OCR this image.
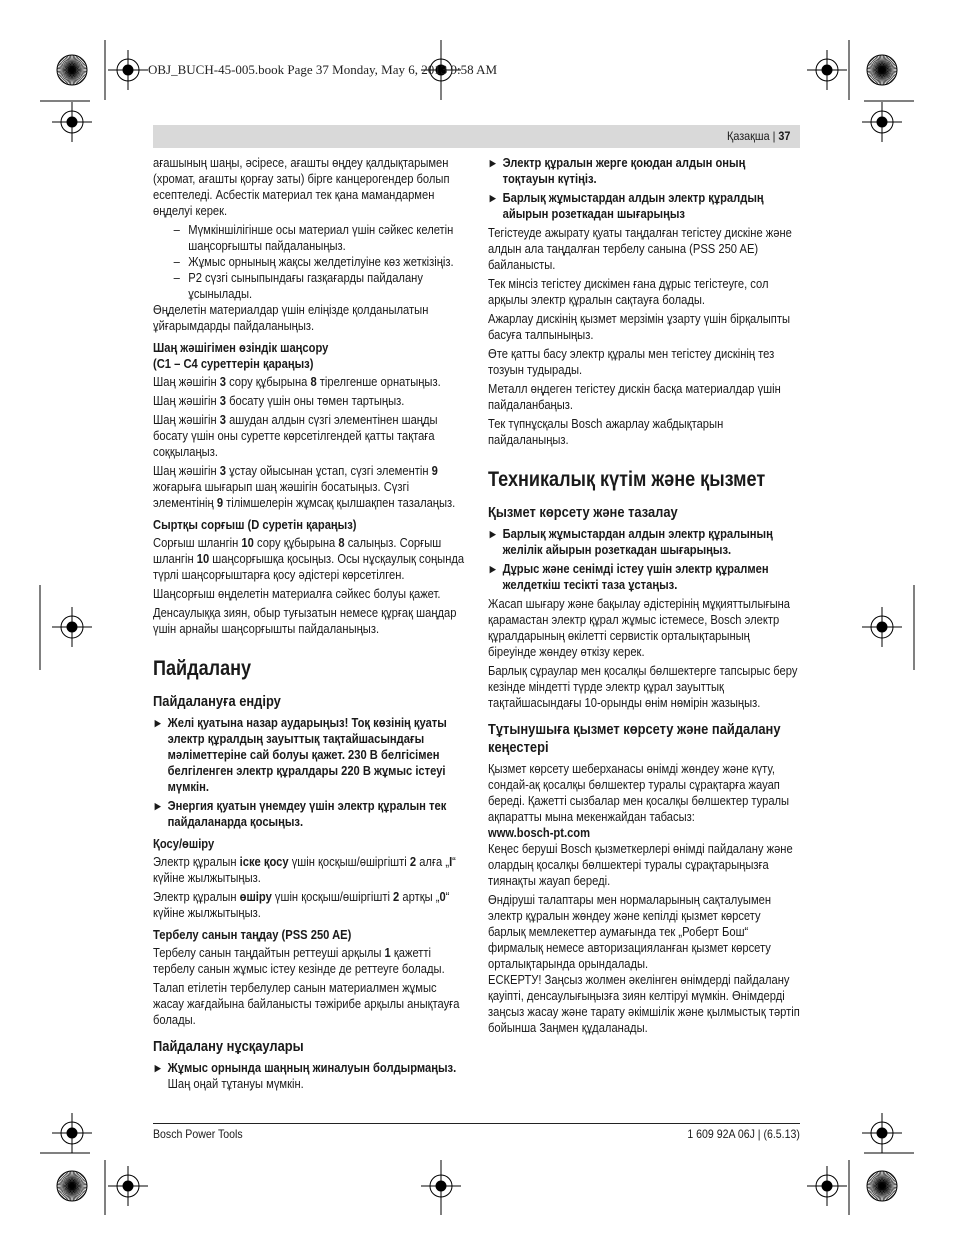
OBJ_BUCH-45-005.book Page 37 Monday, May 6, 2013 9:58 AM
Қазақша | 37
ағашының шаңы, әсіресе, ағашты өңдеу қалдықтарымен (хромат, ағашты қорғау заты) бірге канцерогендер болып есептеледі. Асбестік материал тек қана мамандармен өңделуі керек.
– Мүмкіншілігінше осы материал үшін сәйкес келетін шаңсорғышты пайдаланыңыз.
– Жұмыс орнының жақсы желдетілуіне көз жеткізіңіз.
– P2 сүзгі сыныпындағы газқағарды пайдалану ұсынылады.
Өңделетін материалдар үшін еліңізде қолданылатын ұйғарымдарды пайдаланыңыз.
Шаң жәшігімен өзіндік шаңсору
(C1 – C4 суреттерін қараңыз)
Шаң жәшігін 3 сору құбырына 8 тірелгенше орнатыңыз.
Шаң жәшігін 3 босату үшін оны төмен тартыңыз.
Шаң жәшігін 3 ашудан алдын сүзгі элементінен шаңды босату үшін оны суретте көрсетілгендей қатты тақтаға соққылаңыз.
Шаң жәшігін 3 ұстау ойысынан ұстап, сүзгі элементін 9 жоғарыға шығарып шаң жәшігін босатыңыз. Сүзгі элементінің 9 тілімшелерін жұмсақ қылшақпен тазалаңыз.
Сыртқы сорғыш (D суретін қараңыз)
Сорғыш шлангін 10 сору құбырына 8 салыңыз. Сорғыш шлангін 10 шаңсорғышқа қосыңыз. Осы нұсқаулық соңында түрлі шаңсорғыштарға қосу әдістері көрсетілген.
Шаңсорғыш өңделетін материалға сәйкес болуы қажет.
Денсаулыққа зиян, обыр туғызатын немесе құрғақ шаңдар үшін арнайы шаңсорғышты пайдаланыңыз.
Пайдалану
Пайдалануға ендіру
▶ Желі қуатына назар аударыңыз! Тоқ көзінің қуаты электр құралдың зауыттық тақтайшасындағы мәліметтеріне сай болуы қажет. 230 В белгісімен белгіленген электр құралдары 220 В жұмыс істеуі мүмкін.
▶ Энергия қуатын үнемдеу үшін электр құралын тек пайдаланарда қосыңыз.
Қосу/өшіру
Электр құралын іске қосу үшін қосқыш/өшіргішті 2 алға „I“ күйіне жылжытыңыз.
Электр құралын өшіру үшін қосқыш/өшіргішті 2 артқы „0“ күйіне жылжытыңыз.
Тербелу санын таңдау (PSS 250 AE)
Тербелу санын таңдайтын реттеуші арқылы 1 қажетті тербелу санын жұмыс істеу кезінде де реттеуге болады.
Талап етілетін тербелулер санын материалмен жұмыс жасау жағдайына байланысты тәжірибе арқылы анықтауға болады.
Пайдалану нұсқаулары
▶ Жұмыс орнында шаңның жиналуын болдырмаңыз.
Шаң оңай тұтануы мүмкін.
▶ Электр құралын жерге қоюдан алдын оның тоқтауын күтіңіз.
▶ Барлық жұмыстардан алдын электр құралдың айырын розеткадан шығарыңыз
Тегістеуде ажырату қуаты таңдалған тегістеу дискіне және алдын ала таңдалған тербелу санына (PSS 250 AE) байланысты.
Тек мінсіз тегістеу дискімен ғана дұрыс тегістеуге, сол арқылы электр құралын сақтауға болады.
Ажарлау дискінің қызмет мерзімін ұзарту үшін бірқалыпты басуға талпыныңыз.
Өте қатты басу электр құралы мен тегістеу дискінің тез тозуын тудырады.
Металл өңдеген тегістеу дискін басқа материалдар үшін пайдаланбаңыз.
Тек түпнұсқалы Bosch ажарлау жабдықтарын пайдаланыңыз.
Техникалық күтім және қызмет
Қызмет көрсету және тазалау
▶ Барлық жұмыстардан алдын электр құралының желілік айырын розеткадан шығарыңыз.
▶ Дұрыс және сенімді істеу үшін электр құралмен желдеткіш тесікті таза ұстаңыз.
Жасап шығару және бақылау әдістерінің мұқияттылығына қарамастан электр құрал жұмыс істемесе, Bosch электр құралдарының өкілетті сервистік орталықтарының біреуінде жөндеу өткізу керек.
Барлық сұраулар мен қосалқы бөлшектерге тапсырыс беру кезінде міндетті түрде электр құрал зауыттық тақтайшасындағы 10-орынды өнім нөмірін жазыңыз.
Тұтынушыға қызмет көрсету және пайдалану кеңестері
Қызмет көрсету шеберханасы өнімді жөндеу және күту, сондай-ақ қосалқы бөлшектер туралы сұрақтарға жауап береді. Қажетті сызбалар мен қосалқы бөлшектер туралы ақпаратты мына мекенжайдан табасыз:
www.bosch-pt.com
Кеңес беруші Bosch қызметкерлері өнімді пайдалану және олардың қосалқы бөлшектері туралы сұрақтарыңызға тиянақты жауап береді.
Өндіруші талаптары мен нормаларының сақталуымен электр құралын жөндеу және кепілді қызмет көрсету барлық мемлекеттер аумағында тек „Роберт Бош“ фирмалық немесе авторизацияланған қызмет көрсету орталықтарында орындалады.
ЕСКЕРТУ! Заңсыз жолмен әкелінген өнімдерді пайдалану қауіпті, денсаулығыңызға зиян келтіруі мүмкін. Өнімдерді заңсыз жасау және тарату әкімшілік және қылмыстық тәртіп бойынша Заңмен құдаланады.
Bosch Power Tools	1 609 92A 06J | (6.5.13)
